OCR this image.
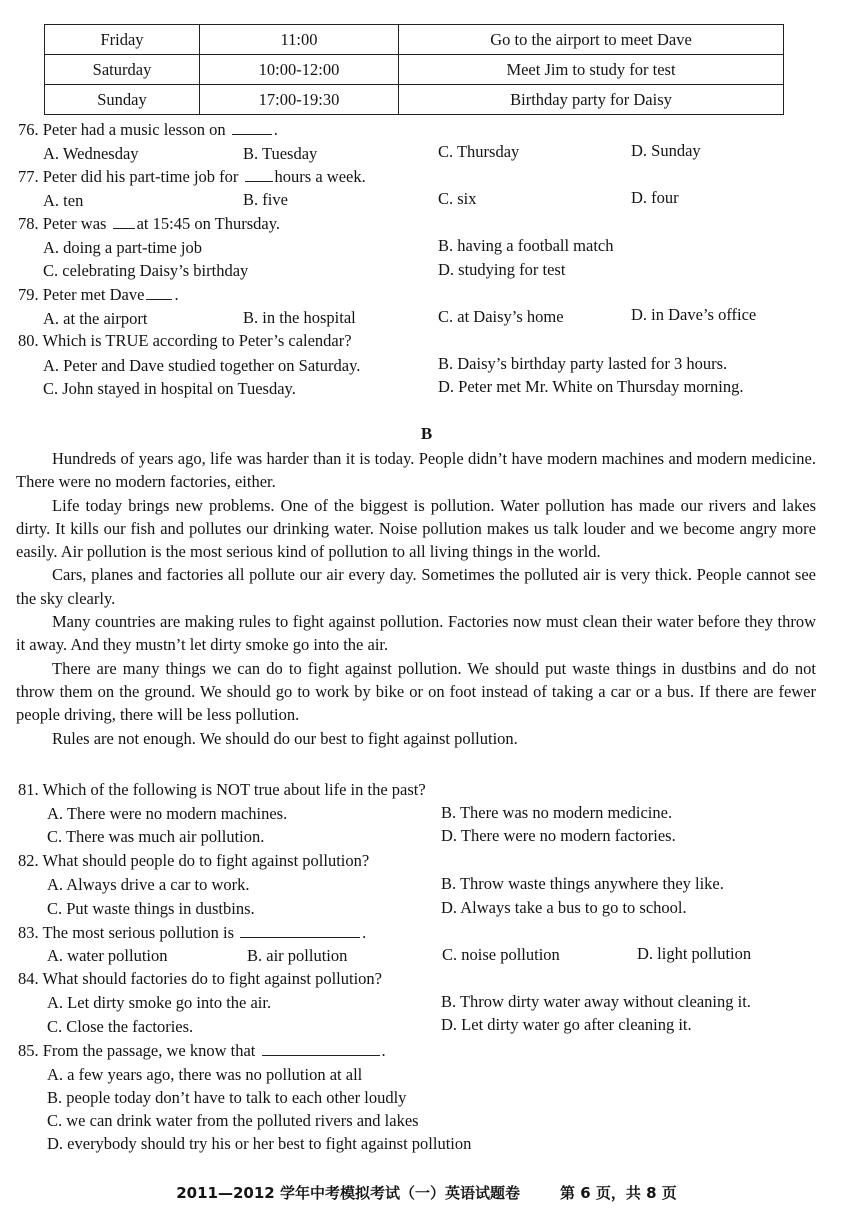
Friday	11:00	Go to the airport to meet Dave
Saturday	10:00-12:00	Meet Jim to study for test
Sunday	17:00-19:30	Birthday party for Daisy
76. Peter had a music lesson on	.
A. Wednesday	B. Tuesday	C. Thursday	D. Sunday
77. Peter did his part-time job for hours a week.
A. ten	B. five	C. six	D. four
78. Peter was at 15:45 on Thursday.
A. doing a part-time job	B. having a football match
C. celebrating Daisy’s birthday	D. studying for test
79. Peter met Dave .
A. at the airport	B. in the hospital	C. at Daisy’s home	D. in Dave’s office
80. Which is TRUE according to Peter’s calendar?
A. Peter and Dave studied together on Saturday.	B. Daisy’s birthday party lasted for 3 hours.
C. John stayed in hospital on Tuesday.	D. Peter met Mr. White on Thursday morning.
B

Hundreds of years ago, life was harder than it is today. People didn’t have modern machines and modern medicine. There were no modern factories, either.

Life today brings new problems. One of the biggest is pollution. Water pollution has made our rivers and lakes dirty. It kills our fish and pollutes our drinking water. Noise pollution makes us talk louder and we become angry more easily. Air pollution is the most serious kind of pollution to all living things in the world.

Cars, planes and factories all pollute our air every day. Sometimes the polluted air is very thick. People cannot see the sky clearly.

Many countries are making rules to fight against pollution. Factories now must clean their water before they throw it away. And they mustn’t let dirty smoke go into the air.

There are many things we can do to fight against pollution. We should put waste things in dustbins and do not throw them on the ground. We should go to work by bike or on foot instead of taking a car or a bus. If there are fewer people driving, there will be less pollution.

Rules are not enough. We should do our best to fight against pollution.

81. Which of the following is NOT true about life in the past?
A. There were no modern machines.	B. There was no modern medicine.
C. There was much air pollution.	D. There were no modern factories.
82. What should people do to fight against pollution?
A. Always drive a car to work.	B. Throw waste things anywhere they like.
C. Put waste things in dustbins.	D. Always take a bus to go to school.
83. The most serious pollution is	.
A. water pollution	B. air pollution	C. noise pollution	D. light pollution
84. What should factories do to fight against pollution?
A. Let dirty smoke go into the air.	B. Throw dirty water away without cleaning it.
C. Close the factories.	D. Let dirty water go after cleaning it.
85. From the passage, we know that	.
A. a few years ago, there was no pollution at all
B. people today don’t have to talk to each other loudly
C. we can drink water from the polluted rivers and lakes
D. everybody should try his or her best to fight against pollution
2011—2012 学年中考模拟考试（一）英语试题卷	第 6 页，共 8 页
